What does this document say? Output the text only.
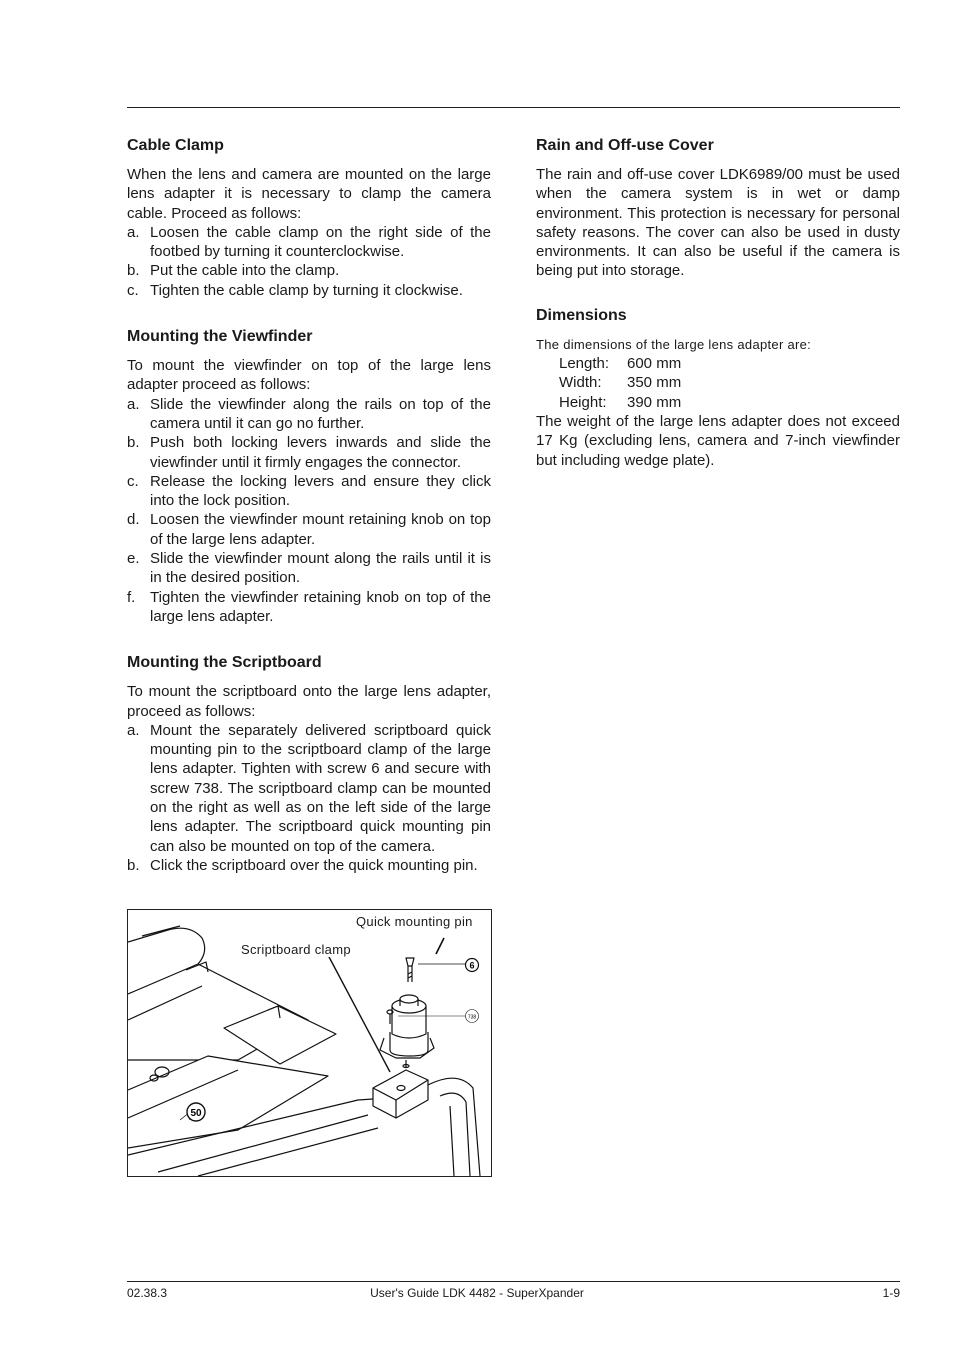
Cable Clamp

When the lens and camera are mounted on the large lens adapter it is necessary to clamp the camera cable. Proceed as follows:

a. Loosen the cable clamp on the right side of the footbed by turning it counterclockwise.
b. Put the cable into the clamp.
c. Tighten the cable clamp by turning it clockwise.
Mounting the Viewfinder

To mount the viewfinder on top of the large lens adapter proceed as follows:

a. Slide the viewfinder along the rails on top of the camera until it can go no further.
b. Push both locking levers inwards and slide the viewfinder until it firmly engages the connector.
c. Release the locking levers and ensure they click into the lock position.
d. Loosen the viewfinder mount retaining knob on top of the large lens adapter.
e. Slide the viewfinder mount along the rails until it is in the desired position.
f. Tighten the viewfinder retaining knob on top of the large lens adapter.
Mounting the Scriptboard

To mount the scriptboard onto the large lens adapter, proceed as follows:

a. Mount the separately delivered scriptboard quick mounting pin to the scriptboard clamp of the large lens adapter. Tighten with screw 6 and secure with screw 738. The scriptboard clamp can be mounted on the right as well as on the left side of the large lens adapter. The scriptboard quick mounting pin can also be mounted on top of the camera.
b. Click the scriptboard over the quick mounting pin.
Rain and Off-use Cover

The rain and off-use cover LDK6989/00 must be used when the camera system is in wet or damp environment. This protection is necessary for personal safety reasons. The cover can also be used in dusty environments. It can also be useful if the camera is being put into storage.

Dimensions

The dimensions of the large lens adapter are:

Length:	600 mm
Width:	350 mm
Height:	390 mm

The weight of the large lens adapter does not exceed 17 Kg (excluding lens, camera and 7-inch viewfinder but including wedge plate).

6
738
50
Quick mounting pin
Scriptboard clamp
02.38.3	User's Guide LDK 4482 - SuperXpander	1-9
